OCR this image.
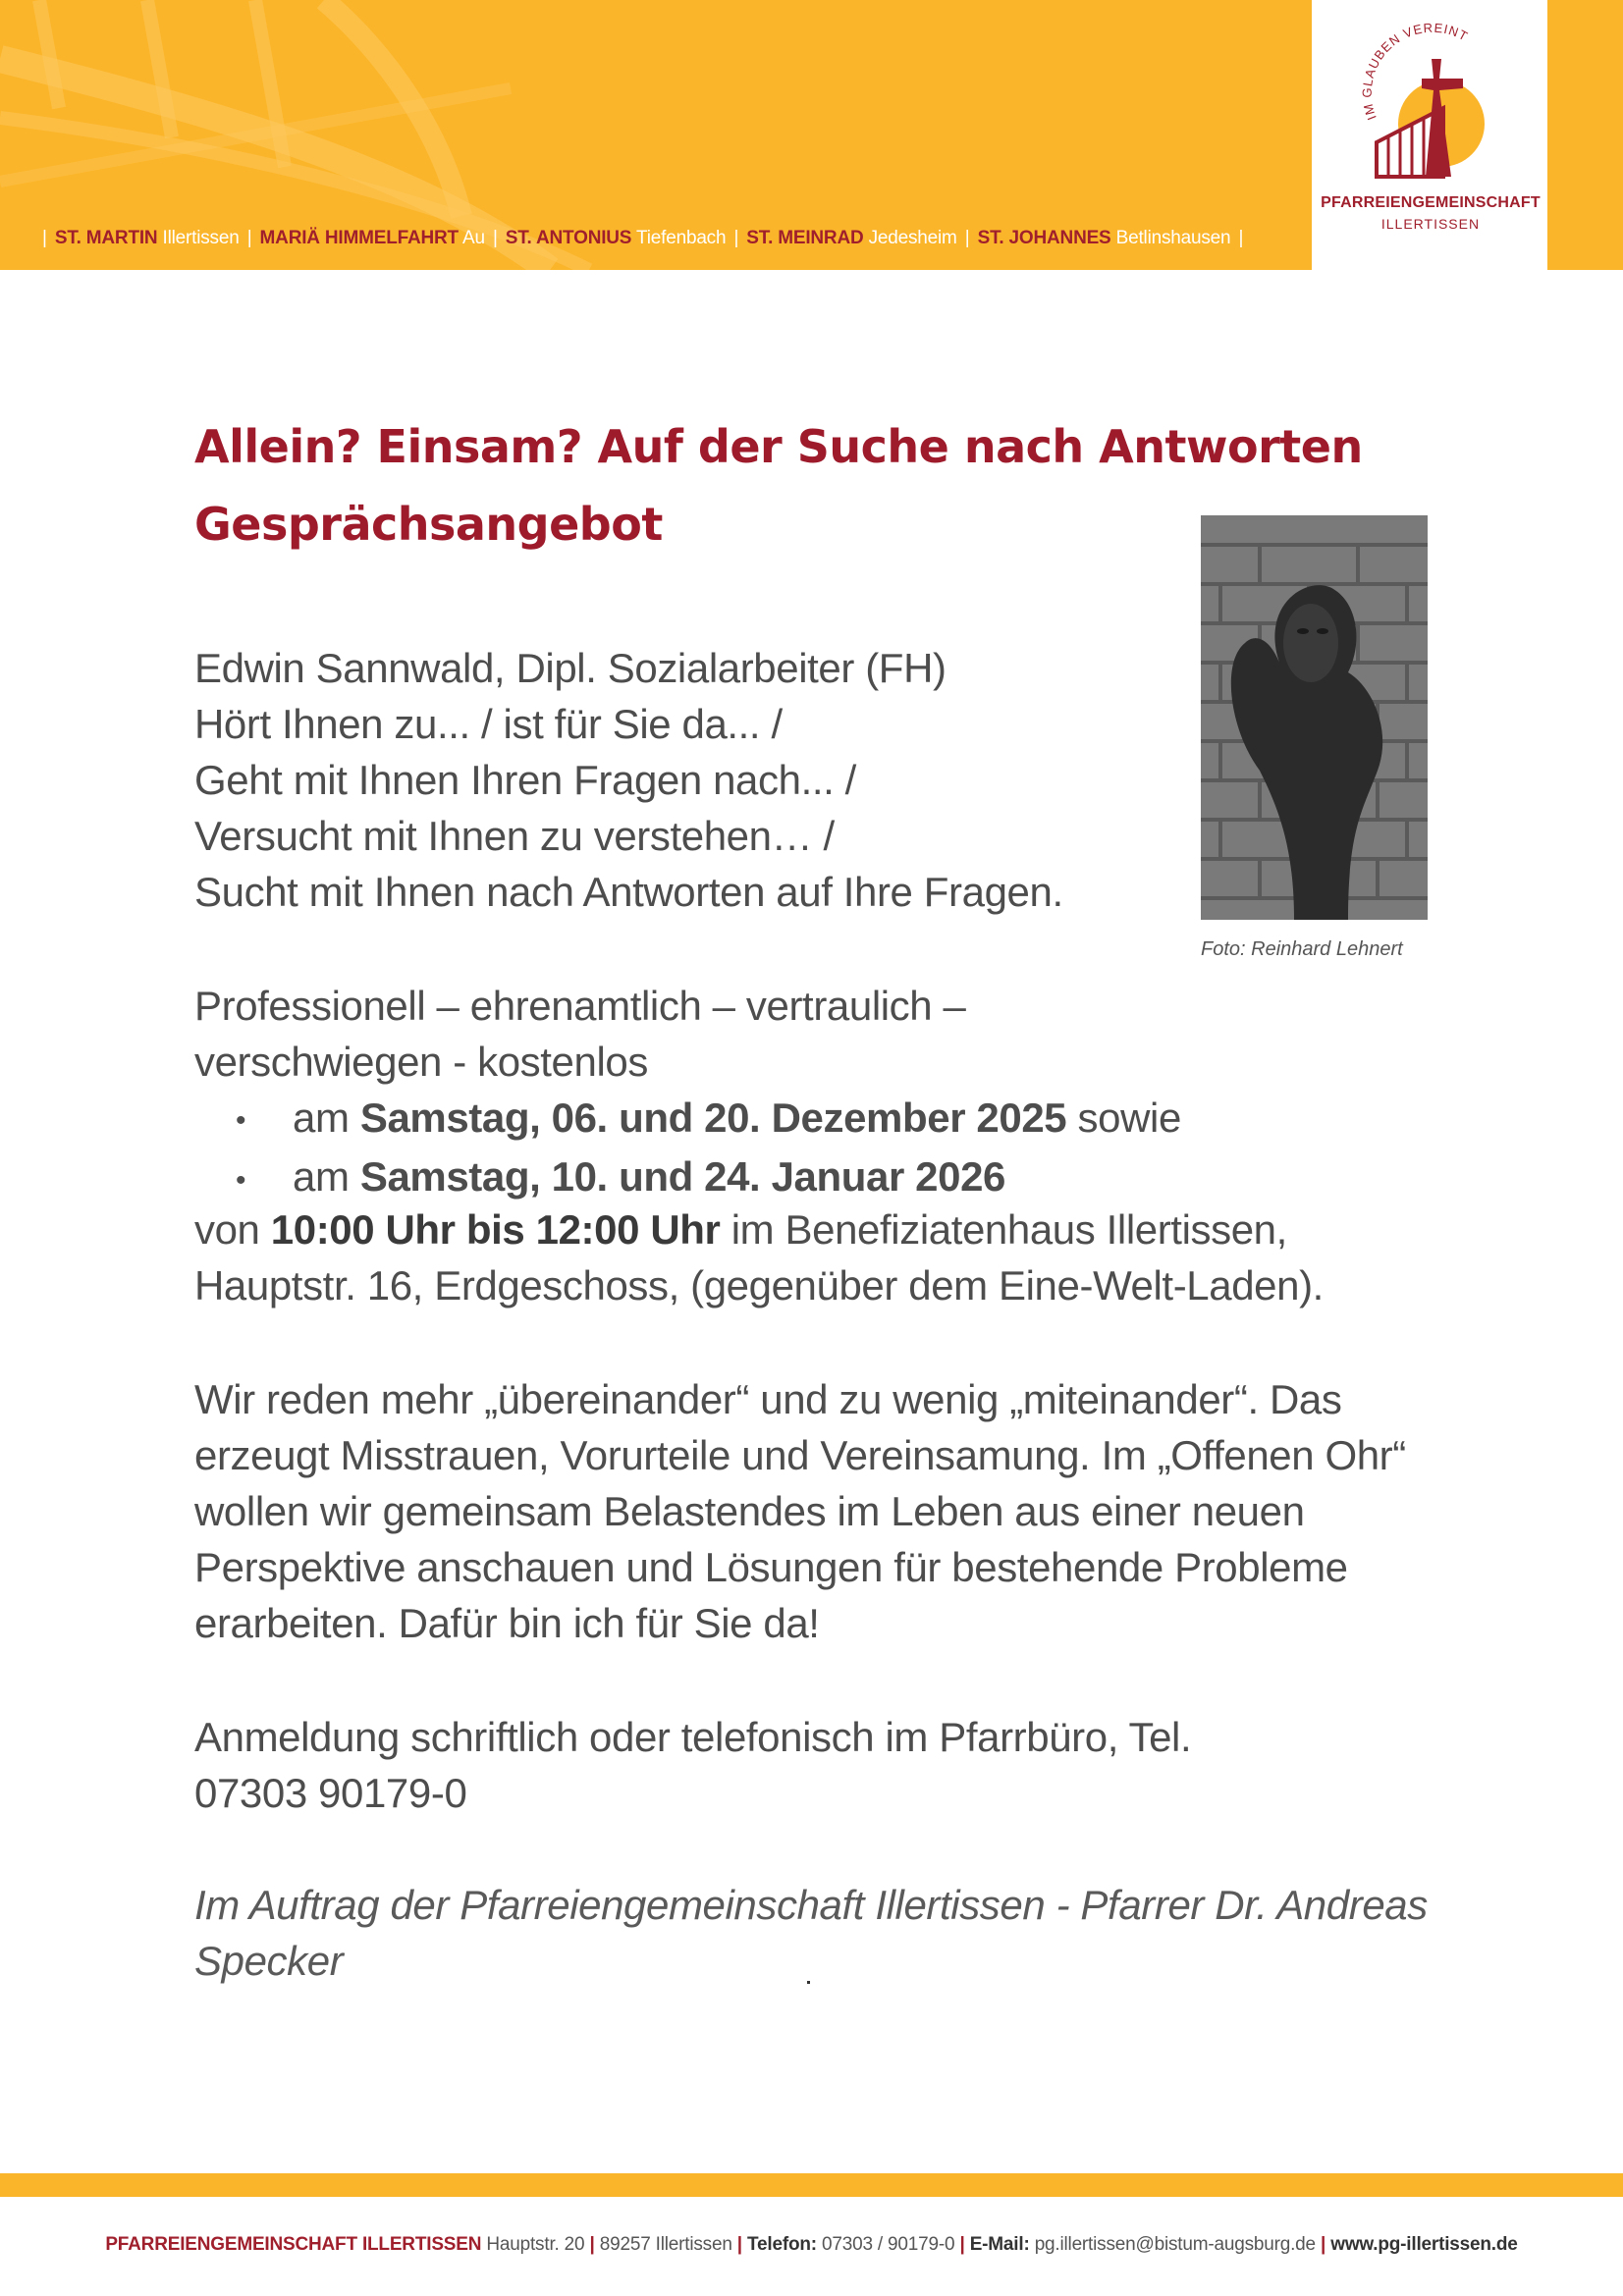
| ST. MARTIN Illertissen | MARIÄ HIMMELFAHRT Au | ST. ANTONIUS Tiefenbach | ST. MEINRAD Jedesheim | ST. JOHANNES Betlinshausen |
IM GLAUBEN VEREINT
PFARREIENGEMEINSCHAFT
ILLERTISSEN
Allein? Einsam? Auf der Suche nach Antworten
Gesprächsangebot
Foto: Reinhard Lehnert
Edwin Sannwald, Dipl. Sozialarbeiter (FH)
Hört Ihnen zu... / ist für Sie da... /
Geht mit Ihnen Ihren Fragen nach... /
Versucht mit Ihnen zu verstehen… /
Sucht mit Ihnen nach Antworten auf Ihre Fragen.
Professionell – ehrenamtlich – vertraulich –
verschwiegen - kostenlos
• am Samstag, 06. und 20. Dezember 2025 sowie
• am Samstag, 10. und 24. Januar 2026
von 10:00 Uhr bis 12:00 Uhr im Benefiziatenhaus Illertissen,
Hauptstr. 16, Erdgeschoss, (gegenüber dem Eine-Welt-Laden).
Wir reden mehr „übereinander“ und zu wenig „miteinander“. Das
erzeugt Misstrauen, Vorurteile und Vereinsamung. Im „Offenen Ohr“
wollen wir gemeinsam Belastendes im Leben aus einer neuen
Perspektive anschauen und Lösungen für bestehende Probleme
erarbeiten. Dafür bin ich für Sie da!
Anmeldung schriftlich oder telefonisch im Pfarrbüro, Tel.
07303 90179-0
Im Auftrag der Pfarreiengemeinschaft Illertissen - Pfarrer Dr. Andreas
Specker
PFARREIENGEMEINSCHAFT ILLERTISSEN Hauptstr. 20 | 89257 Illertissen | Telefon: 07303 / 90179-0 | E-Mail: pg.illertissen@bistum-augsburg.de | www.pg-illertissen.de
